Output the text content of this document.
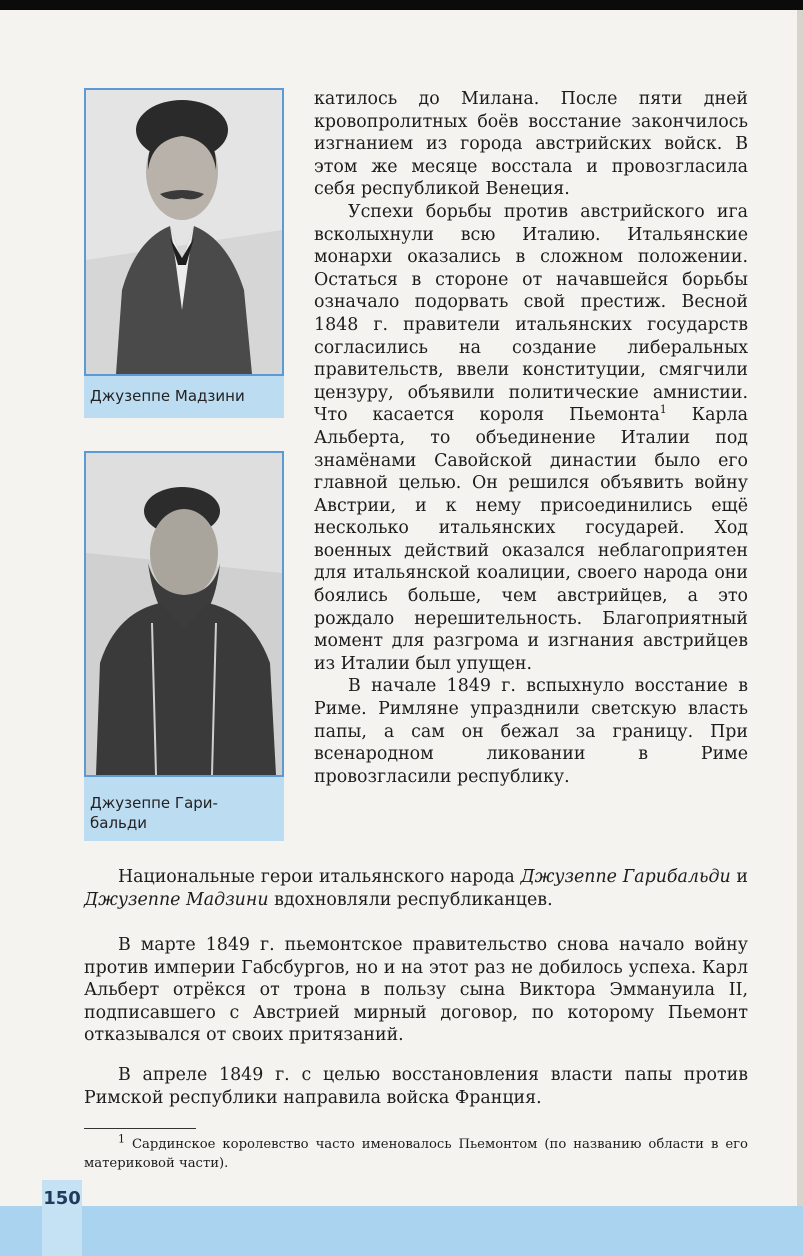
Джузеппе Мадзини
Джузеппе Гари-
бальди

катилось до Милана. После пяти дней кровопролитных боёв восстание закончилось изгнанием из города австрийских войск. В этом же месяце восстала и провозгласила себя республикой Венеция.

Успехи борьбы против австрийского ига всколыхнули всю Италию. Итальянские монархи оказались в сложном положении. Остаться в стороне от начавшейся борьбы означало подорвать свой престиж. Весной 1848 г. правители итальянских государств согласились на создание либеральных правительств, ввели конституции, смягчили цензуру, объявили политические амнистии. Что касается короля Пьемонта$^1$ Карла Альберта, то объединение Италии под знамёнами Савойской династии было его главной целью. Он решился объявить войну Австрии, и к нему присоединились ещё несколько итальянских государей. Ход военных действий оказался неблагоприятен для итальянской коалиции, своего народа они боялись больше, чем австрийцев, а это рождало нерешительность. Благоприятный момент для разгрома и изгнания австрийцев из Италии был упущен.

В начале 1849 г. вспыхнуло восстание в Риме. Римляне упразднили светскую власть папы, а сам он бежал за границу. При всенародном ликовании в Риме провозгласили республику.

Национальные герои итальянского народа Джузеппе Гарибальди и Джузеппе Мадзини вдохновляли республиканцев.

В марте 1849 г. пьемонтское правительство снова начало войну против империи Габсбургов, но и на этот раз не добилось успеха. Карл Альберт отрёкся от трона в пользу сына Виктора Эммануила II, подписавшего с Австрией мирный договор, по которому Пьемонт отказывался от своих притязаний.

В апреле 1849 г. с целью восстановления власти папы против Римской республики направила войска Франция.

$^1$ Сардинское королевство часто именовалось Пьемонтом (по названию области в его материковой части).

150
